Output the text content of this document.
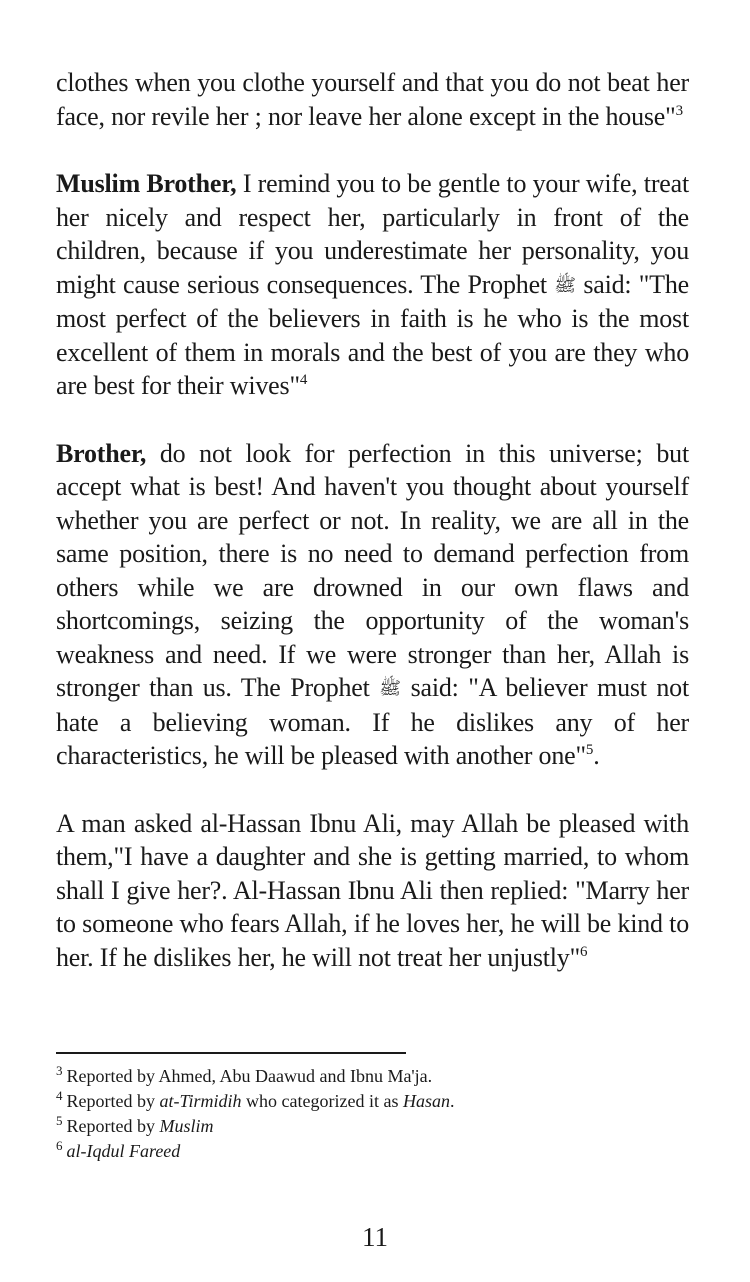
clothes when you clothe yourself and that you do not beat her face, nor revile her ; nor leave her alone except in the house"$^3$

Muslim Brother, I remind you to be gentle to your wife, treat her nicely and respect her, particularly in front of the children, because if you underestimate her personality, you might cause serious consequences. The Prophet ﷺ said: "The most perfect of the believers in faith is he who is the most excellent of them in morals and the best of you are they who are best for their wives"$^4$

Brother, do not look for perfection in this universe; but accept what is best! And haven't you thought about yourself whether you are perfect or not. In reality, we are all in the same position, there is no need to demand perfection from others while we are drowned in our own flaws and shortcomings, seizing the opportunity of the woman's weakness and need. If we were stronger than her, Allah is stronger than us. The Prophet ﷺ said: "A believer must not hate a believing woman. If he dislikes any of her characteristics, he will be pleased with another one"$^5$.

A man asked al-Hassan Ibnu Ali, may Allah be pleased with them,"I have a daughter and she is getting married, to whom shall I give her?. Al-Hassan Ibnu Ali then replied: "Marry her to someone who fears Allah, if he loves her, he will be kind to her. If he dislikes her, he will not treat her unjustly"$^6$

$^3$ Reported by Ahmed, Abu Daawud and Ibnu Ma'ja.
$^4$ Reported by at-Tirmidih who categorized it as Hasan.
$^5$ Reported by Muslim
$^6$ al-Iqdul Fareed
11
